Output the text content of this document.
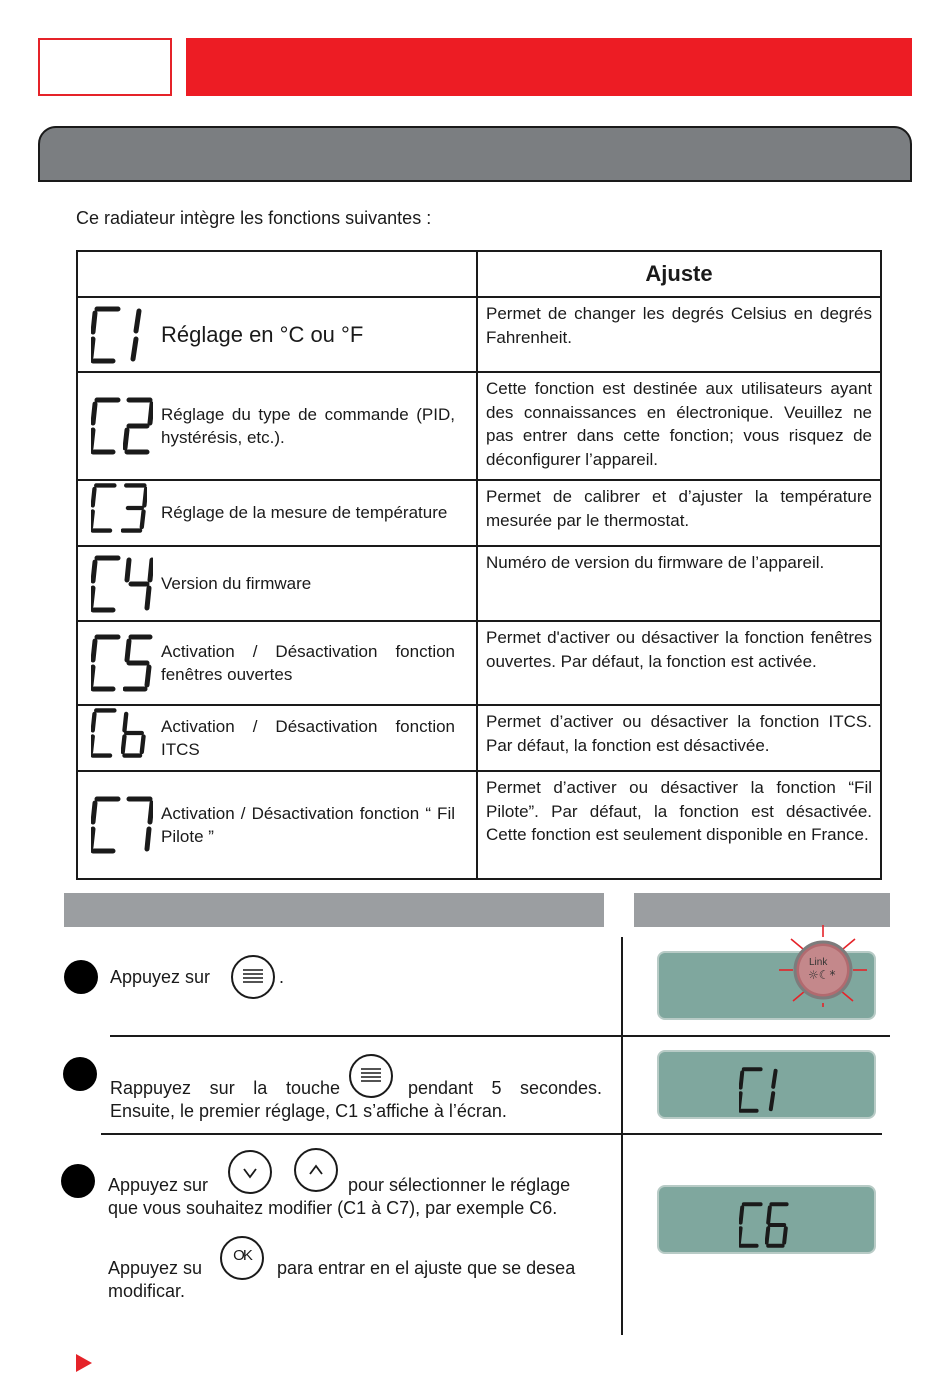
Ce radiateur intègre les fonctions suivantes :
	Ajuste

Réglage en °C ou °F	Permet de changer les degrés Celsius en degrés Fahrenheit.

Réglage du type de commande (PID, hystérésis, etc.).	Cette fonction est destinée aux utilisateurs ayant des connaissances en électronique. Veuillez ne pas entrer dans cette fonction; vous risquez de déconfigurer l’appareil.

Réglage de la mesure de température	Permet de calibrer et d’ajuster la température mesurée par le thermostat.

Version du firmware	Numéro de version du firmware de l’appareil.

Activation / Désactivation fonction fenêtres ouvertes	Permet d'activer ou désactiver la fonction fenêtres ouvertes. Par défaut, la fonction est activée.

Activation / Désactivation fonction ITCS	Permet d’activer ou désactiver la fonction ITCS. Par défaut, la fonction est désactivée.

Activation / Désactivation fonction “ Fil Pilote ”	Permet d’activer ou désactiver la fonction “Fil Pilote”. Par défaut, la fonction est désactivée. Cette fonction est seulement disponible en France.
Appuyez sur	.
Link
☼☾*
Rappuyez sur la touche	pendant 5 secondes.
Ensuite, le premier réglage, C1 s’affiche à l’écran.
Appuyez sur	pour sélectionner le réglage
que vous souhaitez modifier (C1 à C7), par exemple C6.
Appuyez su
OK
para entrar en el ajuste que se desea
modificar.
